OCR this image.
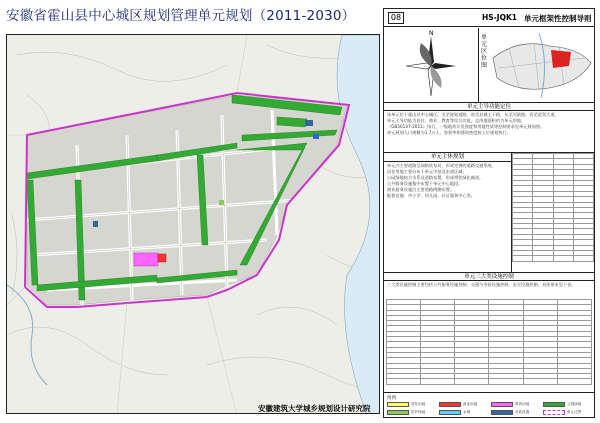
安徽省霍山县中心城区规划管理单元规划（2011-2030）
安徽建筑大学城乡规划设计研究院
08	HS-JQK1 单元框架性控制导则
N
单元区位图
单元主导功能定位
该单元位于霍山县中心城区，北至规划道路，南至县城主干路，东至河滨路，西至迎驾大道。
单元主导功能为居住、商业、教育等综合功能，总用地面积约为单元用地。
（GB50137-2011）执行，一级地块开发强度和用地性质等控制要求见单元规划图。
单元规划人口规模为1.7万人，容积率和建筑密度按上位规划执行。
单元主体规划
单元内主要道路呈网格状布局，形成完善的道路交通系统。
居住用地主要分布于单元中部及东部区域。
公园绿地结合水系及道路布置，形成带状绿化廊道。
公共服务设施集中布置于单元中心地段。
商业服务设施沿主要道路两侧布置。
配套设施：中小学、幼儿园、社区服务中心等。

单元三大类设施控制
三大类设施控制主要包括公共服务设施控制、交通与市政设施控制、安全设施控制，具体要求见下表。

图例
居住用地	商业用地	教育用地	公园绿地
防护绿地	水域	市政设施	单元边界
